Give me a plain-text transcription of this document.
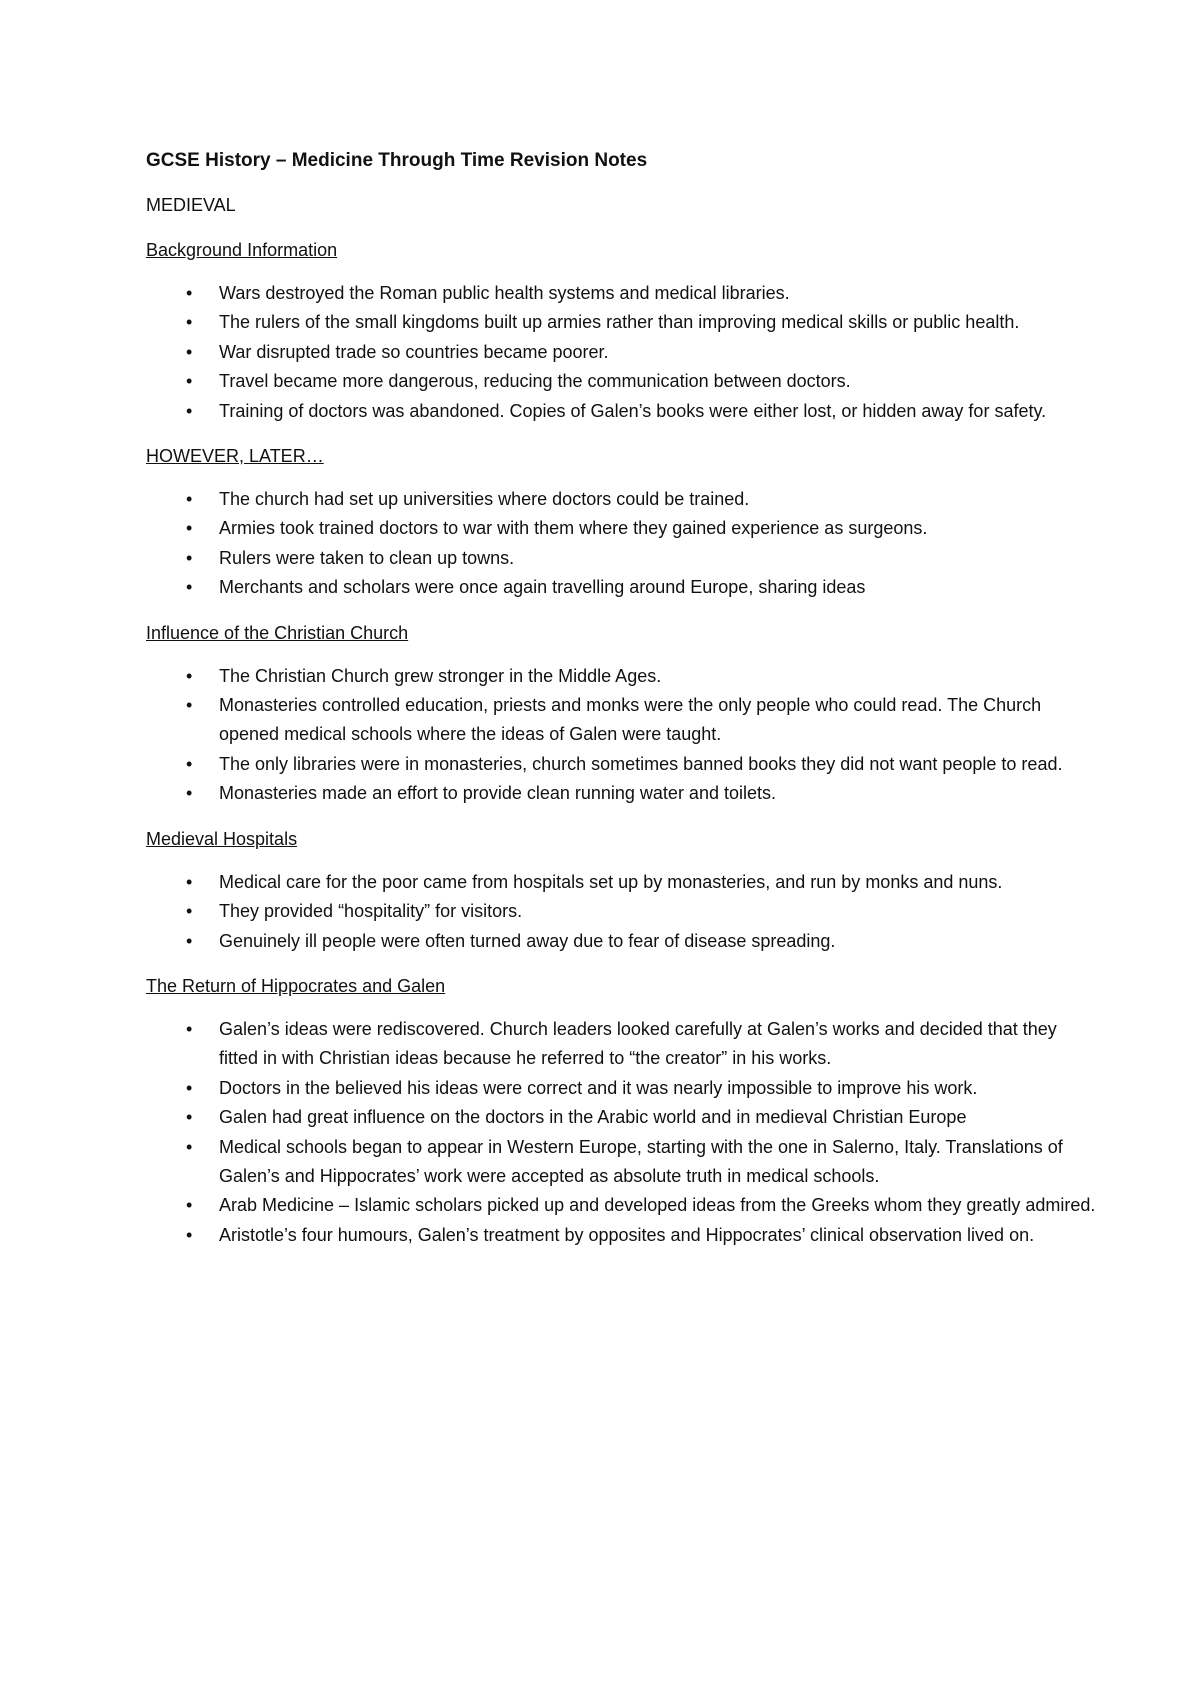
GCSE History – Medicine Through Time Revision Notes
MEDIEVAL
Background Information
• Wars destroyed the Roman public health systems and medical libraries.
• The rulers of the small kingdoms built up armies rather than improving medical skills or public health.
• War disrupted trade so countries became poorer.
• Travel became more dangerous, reducing the communication between doctors.
• Training of doctors was abandoned. Copies of Galen’s books were either lost, or hidden away for safety.
HOWEVER, LATER…
• The church had set up universities where doctors could be trained.
• Armies took trained doctors to war with them where they gained experience as surgeons.
• Rulers were taken to clean up towns.
• Merchants and scholars were once again travelling around Europe, sharing ideas
Influence of the Christian Church
• The Christian Church grew stronger in the Middle Ages.
• Monasteries controlled education, priests and monks were the only people who could read. The Church opened medical schools where the ideas of Galen were taught.
• The only libraries were in monasteries, church sometimes banned books they did not want people to read.
• Monasteries made an effort to provide clean running water and toilets.
Medieval Hospitals
• Medical care for the poor came from hospitals set up by monasteries, and run by monks and nuns.
• They provided “hospitality” for visitors.
• Genuinely ill people were often turned away due to fear of disease spreading.
The Return of Hippocrates and Galen
• Galen’s ideas were rediscovered. Church leaders looked carefully at Galen’s works and decided that they fitted in with Christian ideas because he referred to “the creator” in his works.
• Doctors in the believed his ideas were correct and it was nearly impossible to improve his work.
• Galen had great influence on the doctors in the Arabic world and in medieval Christian Europe
• Medical schools began to appear in Western Europe, starting with the one in Salerno, Italy. Translations of Galen’s and Hippocrates’ work were accepted as absolute truth in medical schools.
• Arab Medicine – Islamic scholars picked up and developed ideas from the Greeks whom they greatly admired.
• Aristotle’s four humours, Galen’s treatment by opposites and Hippocrates’ clinical observation lived on.
